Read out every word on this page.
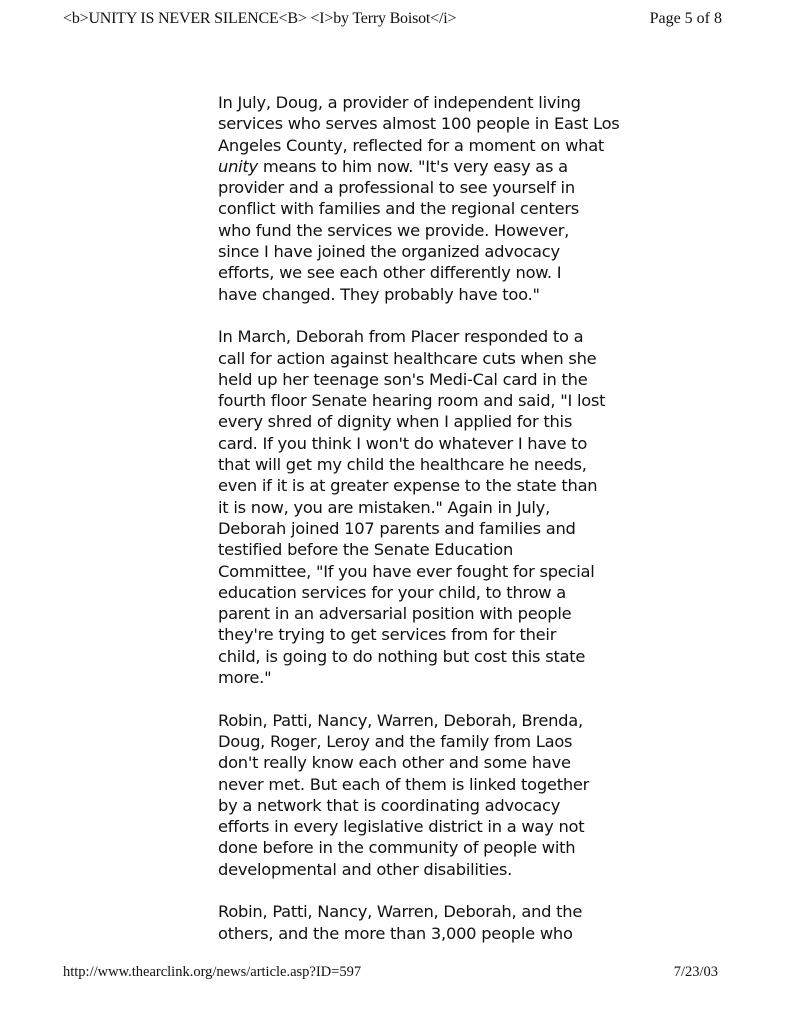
<b>UNITY IS NEVER SILENCE<B> <I>by Terry Boisot</i>	Page 5 of 8

In July, Doug, a provider of independent living
services who serves almost 100 people in East Los
Angeles County, reflected for a moment on what
unity means to him now. "It's very easy as a
provider and a professional to see yourself in
conflict with families and the regional centers
who fund the services we provide. However,
since I have joined the organized advocacy
efforts, we see each other differently now. I
have changed. They probably have too."

In March, Deborah from Placer responded to a
call for action against healthcare cuts when she
held up her teenage son's Medi-Cal card in the
fourth floor Senate hearing room and said, "I lost
every shred of dignity when I applied for this
card. If you think I won't do whatever I have to
that will get my child the healthcare he needs,
even if it is at greater expense to the state than
it is now, you are mistaken." Again in July,
Deborah joined 107 parents and families and
testified before the Senate Education
Committee, "If you have ever fought for special
education services for your child, to throw a
parent in an adversarial position with people
they're trying to get services from for their
child, is going to do nothing but cost this state
more."

Robin, Patti, Nancy, Warren, Deborah, Brenda,
Doug, Roger, Leroy and the family from Laos
don't really know each other and some have
never met. But each of them is linked together
by a network that is coordinating advocacy
efforts in every legislative district in a way not
done before in the community of people with
developmental and other disabilities.

Robin, Patti, Nancy, Warren, Deborah, and the
others, and the more than 3,000 people who

http://www.thearclink.org/news/article.asp?ID=597	7/23/03
